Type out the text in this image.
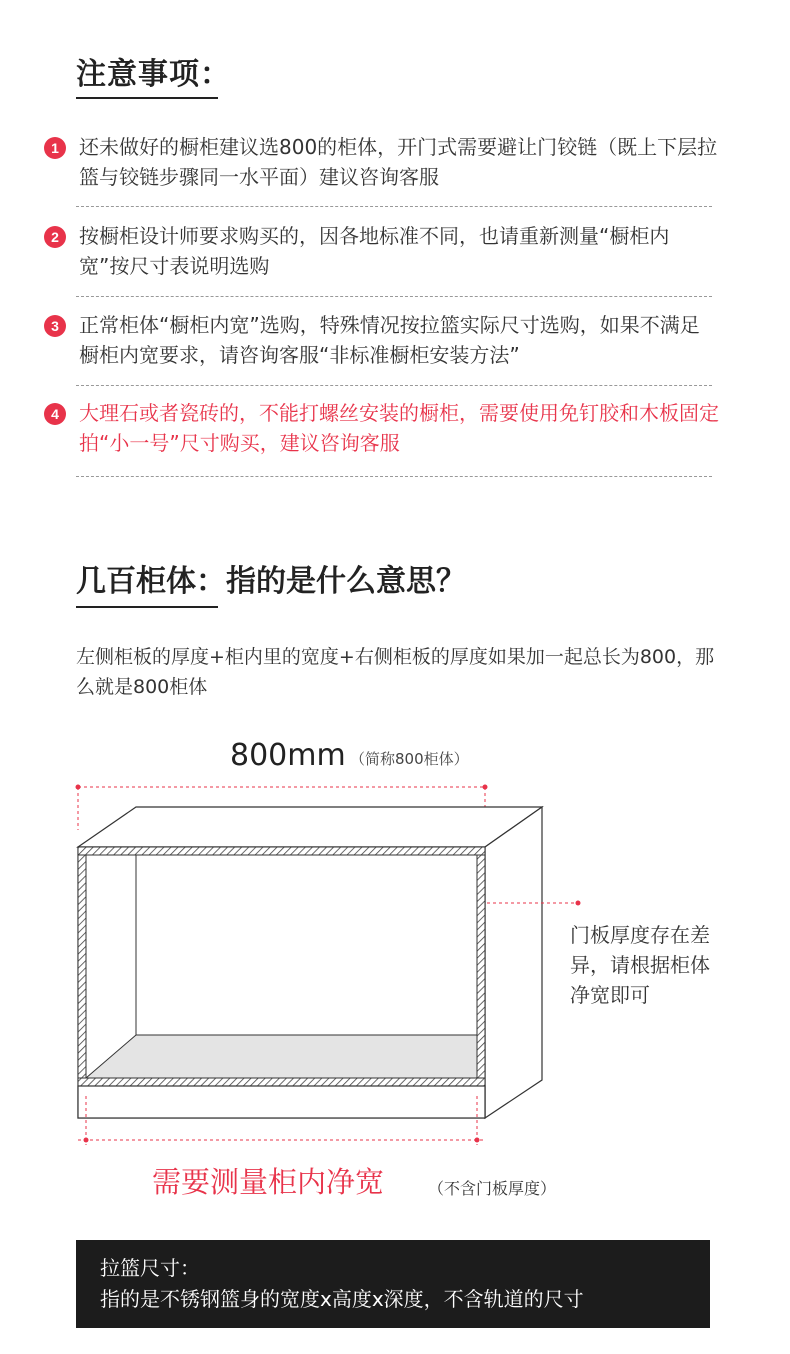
注意事项：
1	还未做好的橱柜建议选800的柜体，开门式需要避让门铰链（既上下层拉篮与铰链步骤同一水平面）建议咨询客服
2	按橱柜设计师要求购买的，因各地标准不同，也请重新测量“橱柜内宽”按尺寸表说明选购
3	正常柜体“橱柜内宽”选购，特殊情况按拉篮实际尺寸选购，如果不满足橱柜内宽要求，请咨询客服“非标准橱柜安装方法”
4	大理石或者瓷砖的，不能打螺丝安装的橱柜，需要使用免钉胶和木板固定 拍“小一号”尺寸购买，建议咨询客服
几百柜体：指的是什么意思？
左侧柜板的厚度+柜内里的宽度+右侧柜板的厚度如果加一起总长为800，那么就是800柜体
800mm （简称800柜体）
门板厚度存在差异，请根据柜体净宽即可
需要测量柜内净宽	（不含门板厚度）
拉篮尺寸：
指的是不锈钢篮身的宽度x高度x深度，不含轨道的尺寸
